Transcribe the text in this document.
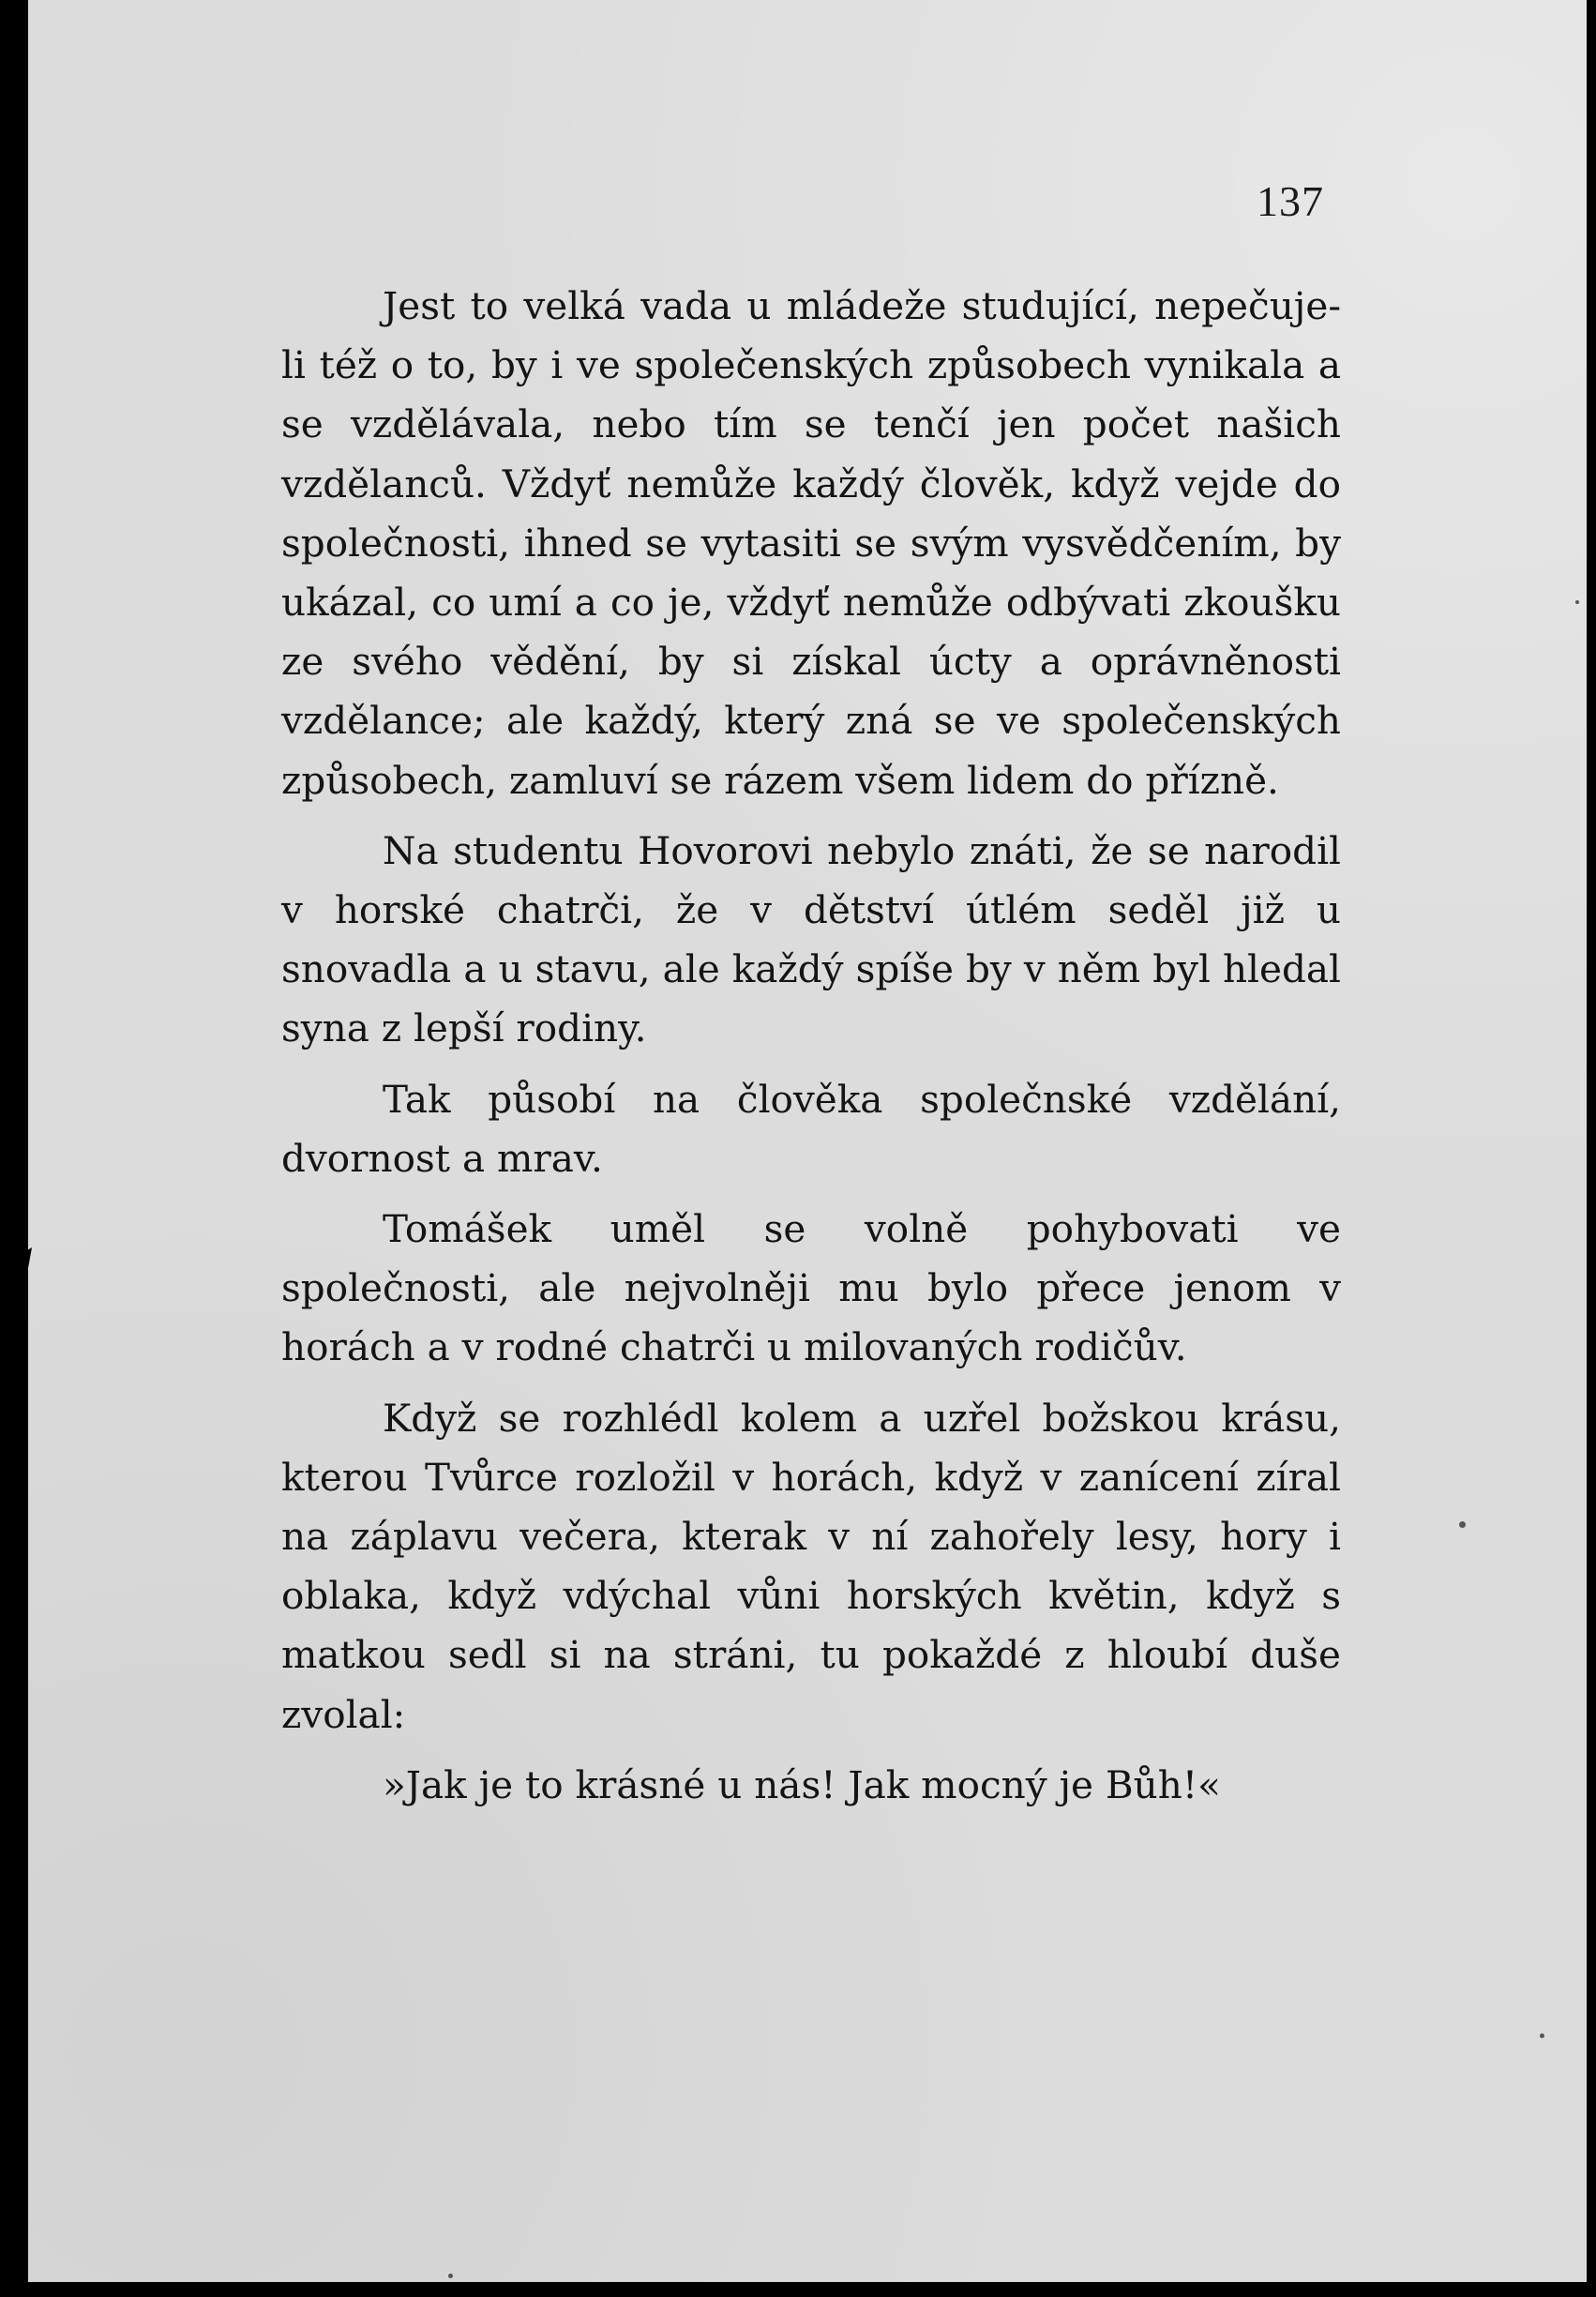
137

Jest to velká vada u mládeže studující, nepečuje-li též o to, by i ve společenských způsobech vynikala a se vzdělávala, nebo tím se tenčí jen počet našich vzdělanců. Vždyť nemůže každý člověk, když vejde do společnosti, ihned se vytasiti se svým vysvědčením, by ukázal, co umí a co je, vždyť nemůže odbývati zkoušku ze svého vědění, by si získal úcty a oprávněnosti vzdělance; ale každý, který zná se ve společenských způsobech, zamluví se rázem všem lidem do přízně.

Na studentu Hovorovi nebylo znáti, že se narodil v horské chatrči, že v dětství útlém seděl již u snovadla a u stavu, ale každý spíše by v něm byl hledal syna z lepší rodiny.

Tak působí na člověka společnské vzdělání, dvornost a mrav.

Tomášek uměl se volně pohybovati ve společnosti, ale nejvolněji mu bylo přece jenom v horách a v rodné chatrči u milovaných rodičův.

Když se rozhlédl kolem a uzřel božskou krásu, kterou Tvůrce rozložil v horách, když v zanícení zíral na záplavu večera, kterak v ní zahořely lesy, hory i oblaka, když vdýchal vůni horských květin, když s matkou sedl si na stráni, tu pokaždé z hloubí duše zvolal:

»Jak je to krásné u nás! Jak mocný je Bůh!«
